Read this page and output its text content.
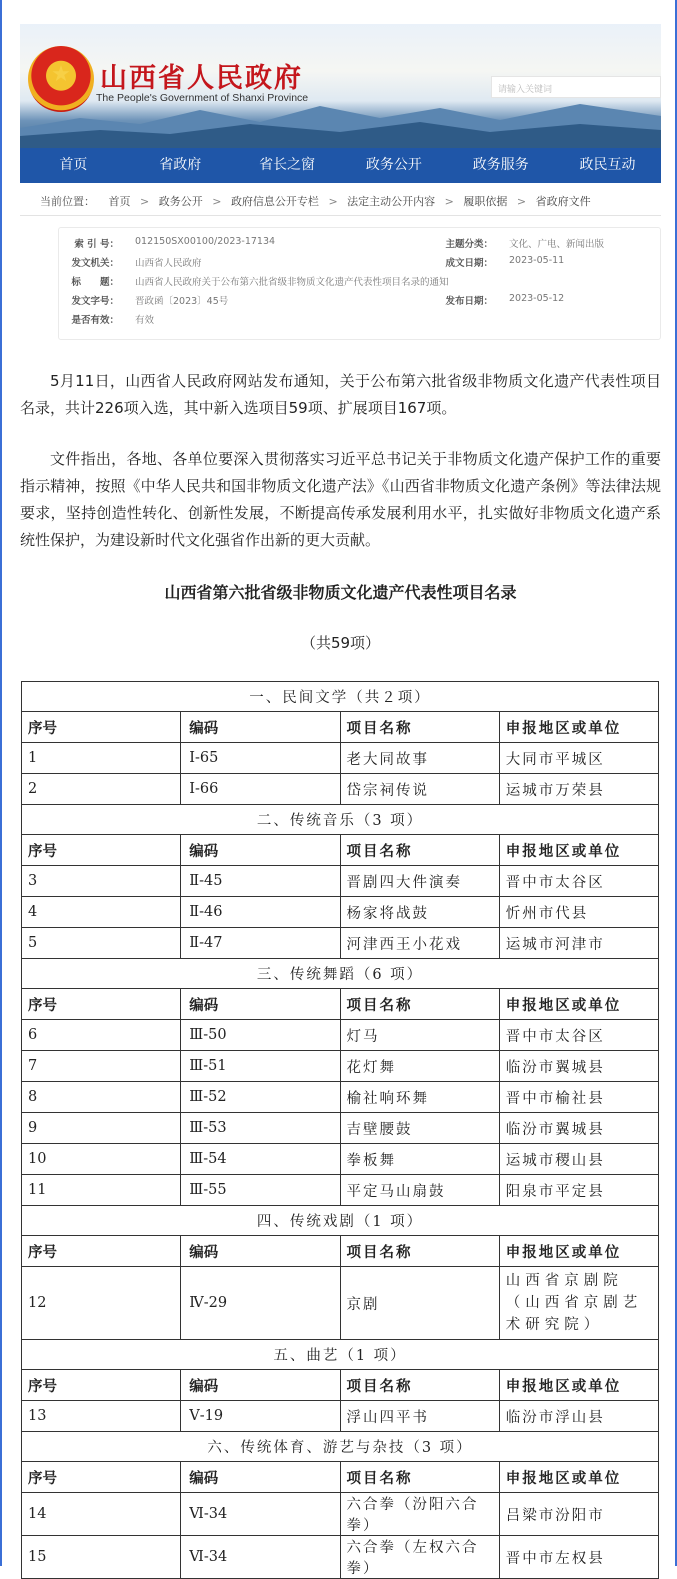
★	山西省人民政府
The People's Government of Shanxi Province
请输入关键词
首页	省政府	省长之窗	政务公开	政务服务	政民互动
当前位置： 首页 > 政务公开 > 政府信息公开专栏 > 法定主动公开内容 > 履职依据 > 省政府文件
索 引 号： 012150SX00100/2023-17134	主题分类： 文化、广电、新闻出版
发文机关： 山西省人民政府	成文日期： 2023-05-11
标　　题： 山西省人民政府关于公布第六批省级非物质文化遗产代表性项目名录的通知
发文字号： 晋政函〔2023〕45号	发布日期： 2023-05-12
是否有效： 有效

5月11日，山西省人民政府网站发布通知，关于公布第六批省级非物质文化遗产代表性项目名录，共计226项入选，其中新入选项目59项、扩展项目167项。

文件指出，各地、各单位要深入贯彻落实习近平总书记关于非物质文化遗产保护工作的重要指示精神，按照《中华人民共和国非物质文化遗产法》《山西省非物质文化遗产条例》等法律法规要求，坚持创造性转化、创新性发展，不断提高传承发展利用水平，扎实做好非物质文化遗产系统性保护，为建设新时代文化强省作出新的更大贡献。

山西省第六批省级非物质文化遗产代表性项目名录
（共59项）
一、民间文学（共２项）			
序号	编码	项目名称	申报地区或单位
1	Ⅰ-65	老大同故事	大同市平城区
2	Ⅰ-66	岱宗祠传说	运城市万荣县
二、传统音乐（3 项）			
序号	编码	项目名称	申报地区或单位
3	Ⅱ-45	晋剧四大件演奏	晋中市太谷区
4	Ⅱ-46	杨家将战鼓	忻州市代县
5	Ⅱ-47	河津西王小花戏	运城市河津市
三、传统舞蹈（6 项）			
序号	编码	项目名称	申报地区或单位
6	Ⅲ-50	灯马	晋中市太谷区
7	Ⅲ-51	花灯舞	临汾市翼城县
8	Ⅲ-52	榆社响环舞	晋中市榆社县
9	Ⅲ-53	吉壁腰鼓	临汾市翼城县
10	Ⅲ-54	拳板舞	运城市稷山县
11	Ⅲ-55	平定马山扇鼓	阳泉市平定县
四、传统戏剧（1 项）			
序号	编码	项目名称	申报地区或单位
12	Ⅳ-29	京剧	山西省京剧院（山西省京剧艺术研究院）
五、曲艺（1 项）			
序号	编码	项目名称	申报地区或单位
13	Ⅴ-19	浮山四平书	临汾市浮山县
六、传统体育、游艺与杂技（3 项）			
序号	编码	项目名称	申报地区或单位
14	Ⅵ-34	六合拳（汾阳六合拳）	吕梁市汾阳市
15	Ⅵ-34	六合拳（左权六合拳）	晋中市左权县
